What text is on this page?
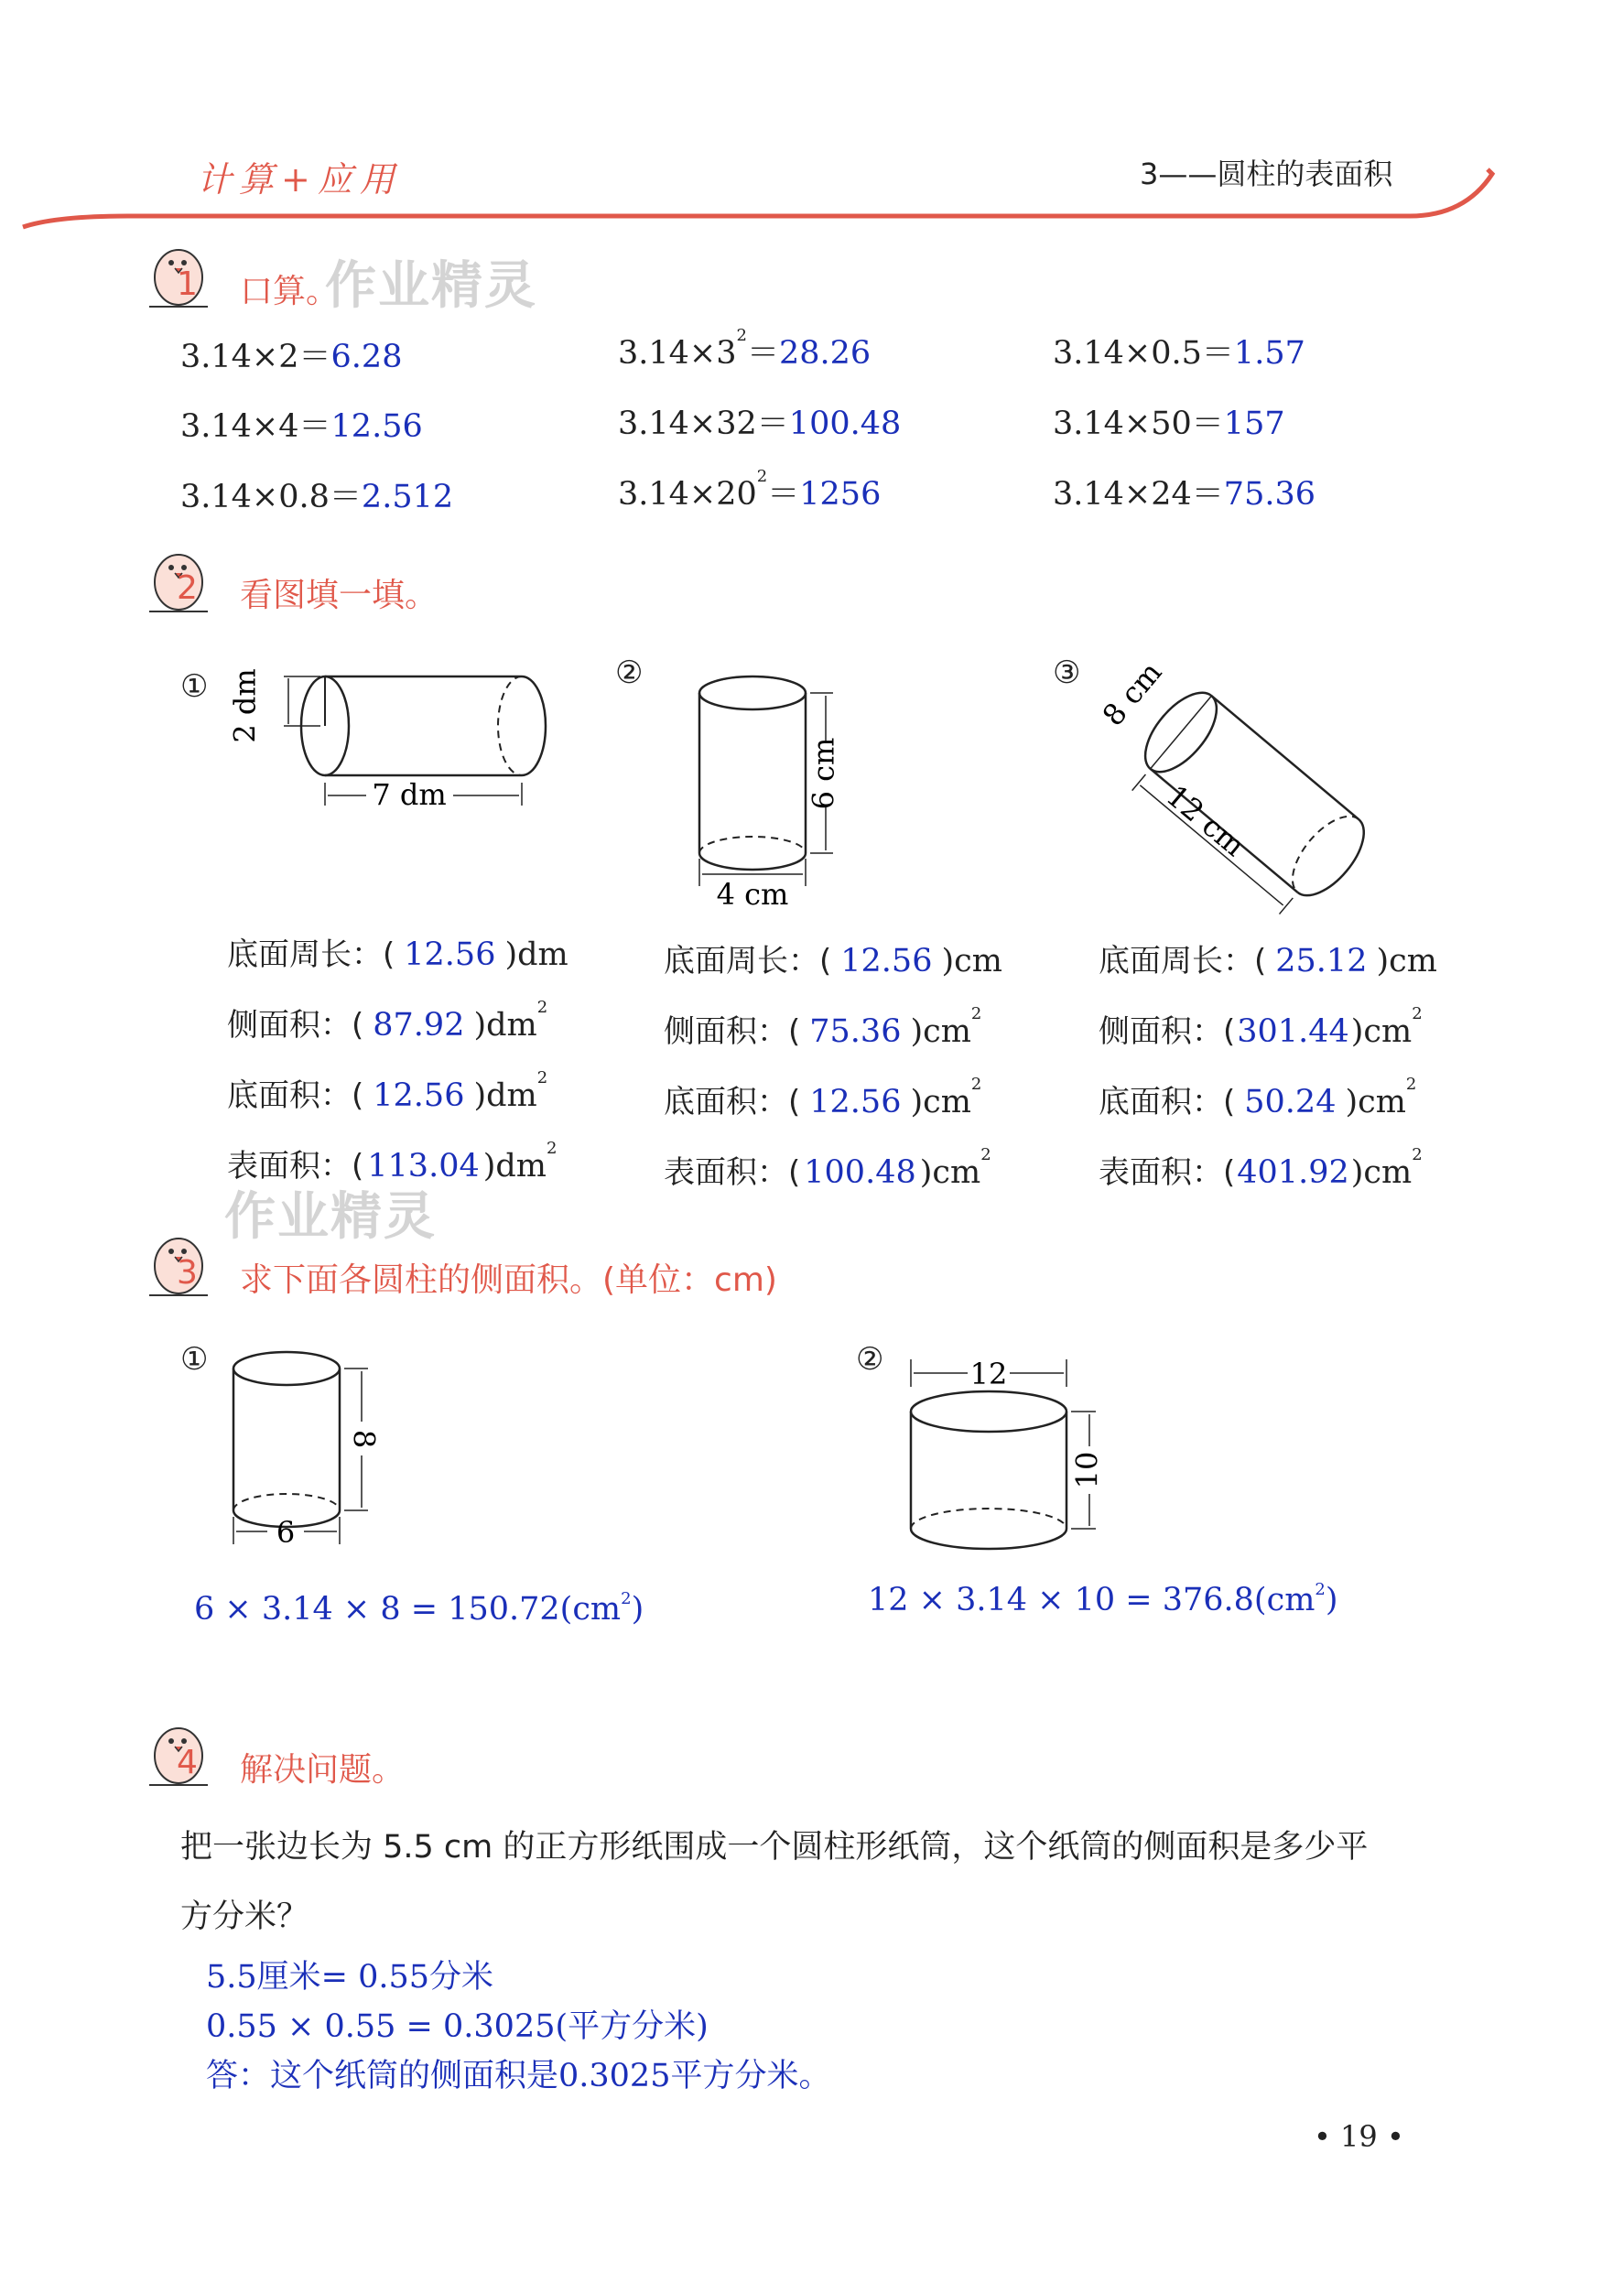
计算+应用	3——圆柱的表面积
1 口算。
作业精灵
3.14×2＝6.28	$3.14\times 3^2=28.26$	3.14×0.5＝1.57
3.14×4＝12.56	3.14×32＝100.48	3.14×50＝157
3.14×0.8＝2.512	$3.14\times 20^2=1256$	3.14×24＝75.36
2 看图填一填。
① 2 dm
7 dm
②
6 cm
4 cm
③ 8 cm
12 cm
底面周长：( 12.56 )dm
侧面积：( 87.92 )$dm^2$
底面积：( 12.56 )$dm^2$
表面积：( 113.04 )$dm^2$
底面周长：( 12.56 )cm
侧面积：( 75.36 )$cm^2$
底面积：( 12.56 )$cm^2$
表面积：( 100.48 )$cm^2$
底面周长：( 25.12 )cm
侧面积：$(301.44)cm^2$
底面积：( 50.24 )$cm^2$
表面积：$(401.92)cm^2$
作业精灵
3 求下面各圆柱的侧面积。(单位：cm)
①
8
6
②	12
10
$6 \times 3.14 \times 8 = 150.72(cm^2)$	$12 \times 3.14 \times 10 = 376.8(cm^2)$
4 解决问题。
把一张边长为 5.5 cm 的正方形纸围成一个圆柱形纸筒，这个纸筒的侧面积是多少平
方分米？
5.5厘米= 0.55分米
0.55 × 0.55 = 0.3025(平方分米)
答：这个纸筒的侧面积是0.3025平方分米。
• 19 •
